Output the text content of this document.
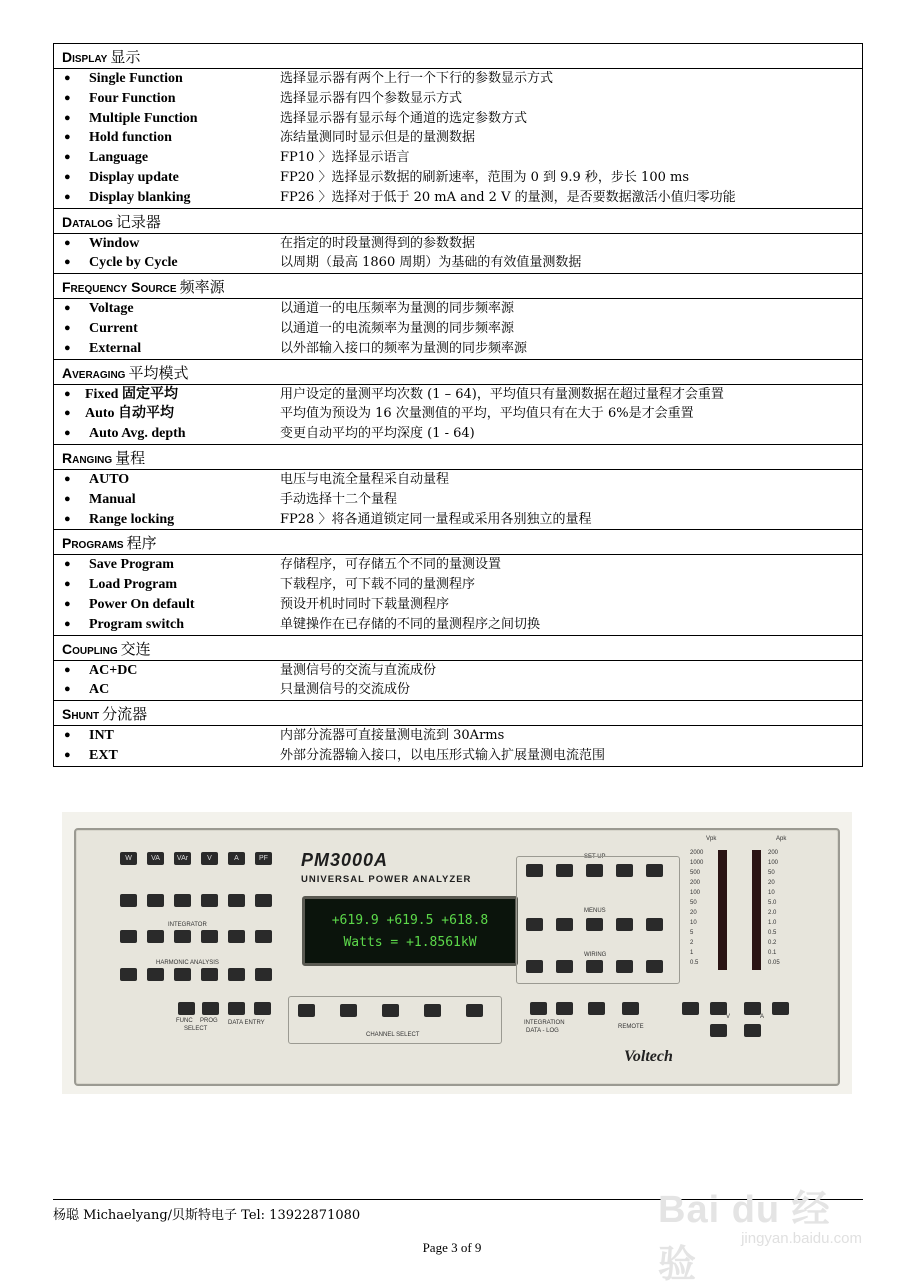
Display 显示
● Single Function	选择显示器有两个上行一个下行的参数显示方式
● Four Function	选择显示器有四个参数显示方式
● Multiple Function	选择显示器有显示每个通道的选定参数方式
● Hold function	冻结量测同时显示但是的量测数据
● Language	FP10 〉选择显示语言
● Display update	FP20 〉选择显示数据的刷新速率，范围为 0 到 9.9 秒，步长 100 ms
● Display blanking	FP26 〉选择对于低于 20 mA and 2 V 的量测，是否要数据激活小值归零功能
Datalog 记录器
● Window	在指定的时段量测得到的参数数据
● Cycle by Cycle	以周期（最高 1860 周期）为基础的有效值量测数据
Frequency Source 频率源
● Voltage	以通道一的电压频率为量测的同步频率源
● Current	以通道一的电流频率为量测的同步频率源
● External	以外部输入接口的频率为量测的同步频率源
Averaging 平均模式
● Fixed 固定平均	用户设定的量测平均次数 (1 – 64)，平均值只有量测数据在超过量程才会重置
● Auto 自动平均	平均值为预设为 16 次量测值的平均，平均值只有在大于 6%是才会重置
● Auto Avg. depth	变更自动平均的平均深度 (1 - 64)
Ranging 量程
● AUTO	电压与电流全量程采自动量程
● Manual	手动选择十二个量程
● Range locking	FP28 〉将各通道锁定同一量程或采用各别独立的量程
Programs 程序
● Save Program	存储程序，可存储五个不同的量测设置
● Load Program	下载程序，可下载不同的量测程序
● Power On default	预设开机时同时下载量测程序
● Program switch	单键操作在已存储的不同的量测程序之间切换
Coupling 交连
● AC+DC	量测信号的交流与直流成份
● AC	只量测信号的交流成份
Shunt 分流器
● INT	内部分流器可直接量测电流到 30Arms
● EXT	外部分流器输入接口，以电压形式输入扩展量测电流范围
PM3000A
UNIVERSAL POWER ANALYZER
+619.9 +619.5 +618.8
Watts = +1.8561kW
INTEGRATOR
HARMONIC ANALYSIS
SET UP
MENUS
WIRING
FUNC PROG
SELECT
DATA ENTRY
CHANNEL SELECT
INTEGRATION
DATA - LOG
REMOTE
Vpk	Apk
V	A
Voltech
W	VA	VAr	V	A	PF
2000
1000
500
200
100
50
20
10
5
2
1
0.5
200
100
50
20
10
5.0
2.0
1.0
0.5
0.2
0.1
0.05
杨聪 Michaelyang/贝斯特电子 Tel: 13922871080
Page 3 of 9
Bai du 经验
jingyan.baidu.com
